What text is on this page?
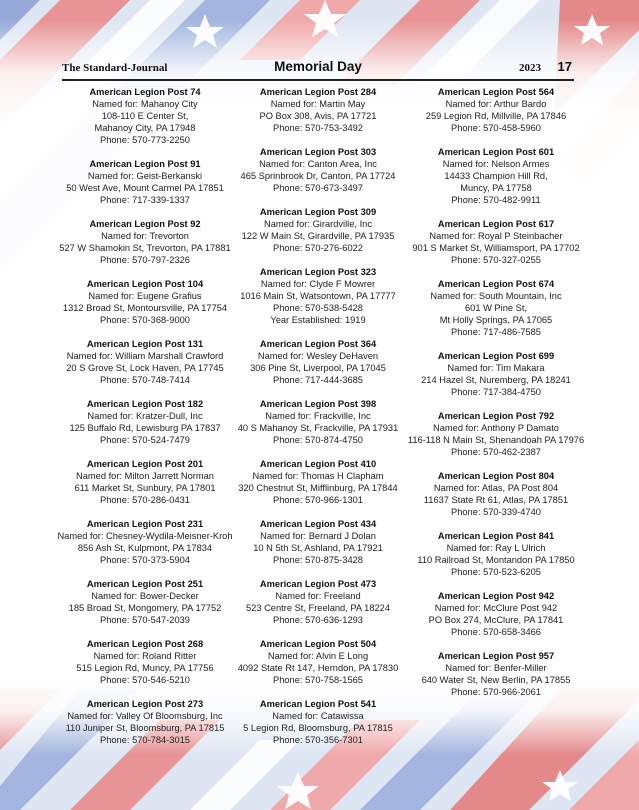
The Standard-Journal	Memorial Day	2023 17
American Legion Post 74
Named for: Mahanoy City
108-110 E Center St,
Mahanoy City, PA 17948
Phone: 570-773-2250
American Legion Post 91
Named for: Geist-Berkanski
50 West Ave, Mount Carmel PA 17851
Phone: 717-339-1337
American Legion Post 92
Named for: Trevorton
527 W Shamokin St, Trevorton, PA 17881
Phone: 570-797-2326
American Legion Post 104
Named for: Eugene Grafius
1312 Broad St, Montoursville, PA 17754
Phone: 570-368-9000
American Legion Post 131
Named for: William Marshall Crawford
20 S Grove St, Lock Haven, PA 17745
Phone: 570-748-7414
American Legion Post 182
Named for: Kratzer-Dull, Inc
125 Buffalo Rd, Lewisburg PA 17837
Phone: 570-524-7479
American Legion Post 201
Named for: Milton Jarrett Norman
611 Market St, Sunbury, PA 17801
Phone: 570-286-0431
American Legion Post 231
Named for: Chesney-Wydila-Meisner-Kroh
856 Ash St, Kulpmont, PA 17834
Phone: 570-373-5904
American Legion Post 251
Named for: Bower-Decker
185 Broad St, Mongomery, PA 17752
Phone: 570-547-2039
American Legion Post 268
Named for: Roland Ritter
515 Legion Rd, Muncy, PA 17756
Phone: 570-546-5210
American Legion Post 273
Named for: Valley Of Bloomsburg, Inc
110 Juniper St, Bloomsburg, PA 17815
Phone: 570-784-3015
American Legion Post 284
Named for: Martin May
PO Box 308, Avis, PA 17721
Phone: 570-753-3492
American Legion Post 303
Named for: Canton Area, Inc
465 Sprinbrook Dr, Canton, PA 17724
Phone: 570-673-3497
American Legion Post 309
Named for: Girardville, Inc
122 W Main St, Girardville, PA 17935
Phone: 570-276-6022
American Legion Post 323
Named for: Clyde F Mowrer
1016 Main St, Watsontown, PA 17777
Phone: 570-538-5428
Year Established: 1919
American Legion Post 364
Named for: Wesley DeHaven
306 Pine St, Liverpool, PA 17045
Phone: 717-444-3685
American Legion Post 398
Named for: Frackville, Inc
40 S Mahanoy St, Frackville, PA 17931
Phone: 570-874-4750
American Legion Post 410
Named for: Thomas H Clapham
320 Chestnut St, Mifflinburg, PA 17844
Phone: 570-966-1301
American Legion Post 434
Named for: Bernard J Dolan
10 N 5th St, Ashland, PA 17921
Phone: 570-875-3428
American Legion Post 473
Named for: Freeland
523 Centre St, Freeland, PA 18224
Phone: 570-636-1293
American Legion Post 504
Named for: Alvin E Long
4092 State Rt 147, Herndon, PA 17830
Phone: 570-758-1565
American Legion Post 541
Named for: Catawissa
5 Legion Rd, Bloomsburg, PA 17815
Phone: 570-356-7301
American Legion Post 564
Named for: Arthur Bardo
259 Legion Rd, Millville, PA 17846
Phone: 570-458-5960
American Legion Post 601
Named for: Nelson Armes
14433 Champion Hill Rd,
Muncy, PA 17758
Phone: 570-482-9911
American Legion Post 617
Named for: Royal P Steinbacher
901 S Market St, Williamsport, PA 17702
Phone: 570-327-0255
American Legion Post 674
Named for: South Mountain, Inc
601 W Pine St,
Mt Holly Springs, PA 17065
Phone: 717-486-7585
American Legion Post 699
Named for: Tim Makara
214 Hazel St, Nuremberg, PA 18241
Phone: 717-384-4750
American Legion Post 792
Named for: Anthony P Damato
116-118 N Main St, Shenandoah PA 17976
Phone: 570-462-2387
American Legion Post 804
Named for: Atlas, PA Post 804
11637 State Rt 61, Atlas, PA 17851
Phone: 570-339-4740
American Legion Post 841
Named for: Ray L Ulrich
110 Railroad St, Montandon PA 17850
Phone: 570-523-6205
American Legion Post 942
Named for: McClure Post 942
PO Box 274, McClure, PA 17841
Phone: 570-658-3466
American Legion Post 957
Named for: Benfer-Miller
640 Water St, New Berlin, PA 17855
Phone: 570-966-2061
